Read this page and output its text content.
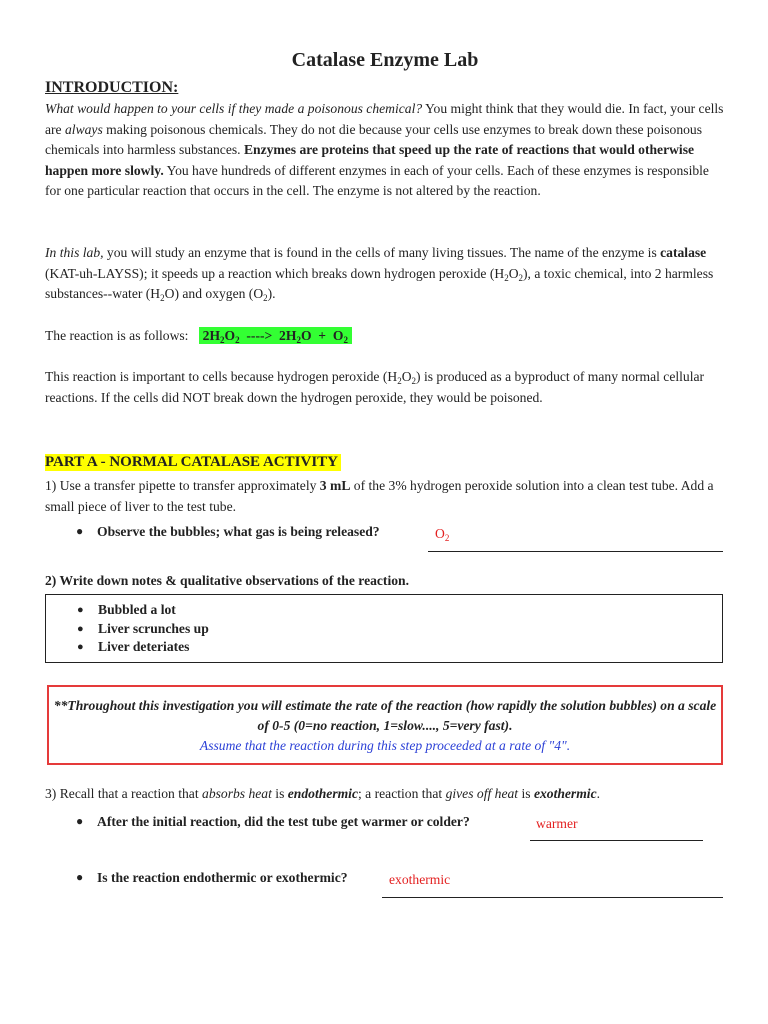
Catalase Enzyme Lab
INTRODUCTION:

What would happen to your cells if they made a poisonous chemical? You might think that they would die. In fact, your cells are always making poisonous chemicals. They do not die because your cells use enzymes to break down these poisonous chemicals into harmless substances. Enzymes are proteins that speed up the rate of reactions that would otherwise happen more slowly. You have hundreds of different enzymes in each of your cells. Each of these enzymes is responsible for one particular reaction that occurs in the cell. The enzyme is not altered by the reaction.

In this lab, you will study an enzyme that is found in the cells of many living tissues. The name of the enzyme is catalase (KAT-uh-LAYSS); it speeds up a reaction which breaks down hydrogen peroxide $(H_2O_2)$, a toxic chemical, into 2 harmless substances--water $(H_2O)$ and oxygen $(O_2)$.

The reaction is as follows: $2H_2O_2$  ---->  $2H_2O + O_2$

This reaction is important to cells because hydrogen peroxide $(H_2O_2)$ is produced as a byproduct of many normal cellular reactions. If the cells did NOT break down the hydrogen peroxide, they would be poisoned.

PART A - NORMAL CATALASE ACTIVITY

1) Use a transfer pipette to transfer approximately 3 mL of the 3% hydrogen peroxide solution into a clean test tube. Add a small piece of liver to the test tube.

● Observe the bubbles; what gas is being released?	$O_2$
2) Write down notes & qualitative observations of the reaction.
● Bubbled a lot
● Liver scrunches up
● Liver deteriates
**Throughout this investigation you will estimate the rate of the reaction (how rapidly the solution bubbles) on a scale of 0-5 (0=no reaction, 1=slow...., 5=very fast).
Assume that the reaction during this step proceeded at a rate of "4".

3) Recall that a reaction that absorbs heat is endothermic; a reaction that gives off heat is exothermic.

● After the initial reaction, did the test tube get warmer or colder?	warmer
● Is the reaction endothermic or exothermic?	exothermic
